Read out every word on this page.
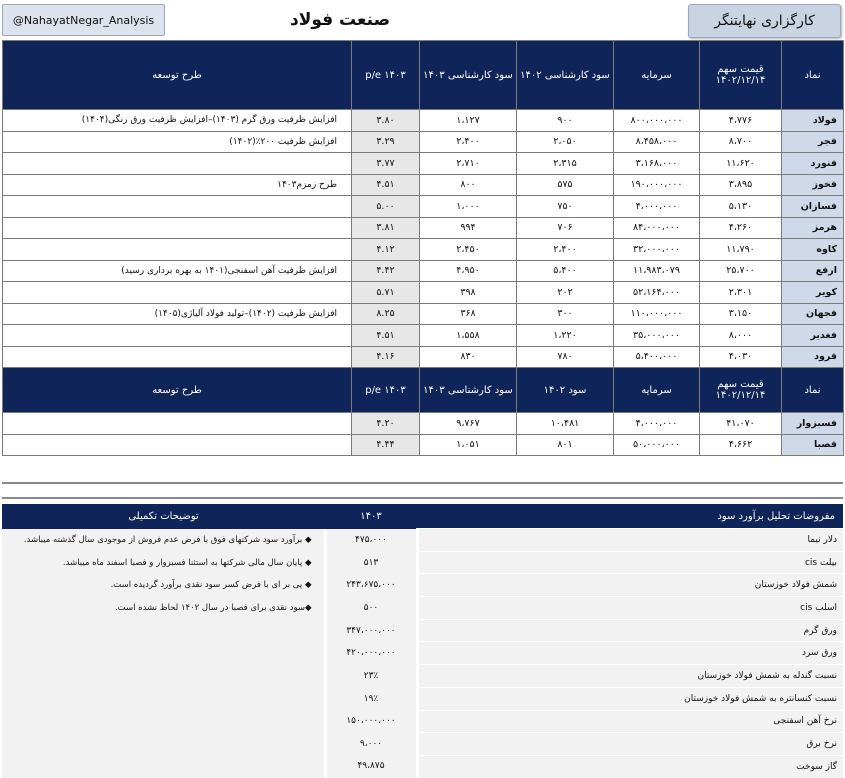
@NahayatNegar_Analysis	صنعت فولاد	کارگزاری نهایتنگر
نماد	قیمت سهم ۱۴۰۲/۱۲/۱۴	سرمایه	سود کارشناسی ۱۴۰۲	سود کارشناسی ۱۴۰۳	p/e ۱۴۰۳	طرح توسعه
فولاد	۴،۷۷۶	۸۰۰،۰۰۰،۰۰۰	۹۰۰	۱،۱۲۷	۳.۸۰	افزایش ظرفیت ورق گرم (۱۴۰۳)–افزایش ظرفیت ورق رنگی(۱۴۰۴)
فجر	۸،۷۰۰	۸،۴۵۸،۰۰۰	۲،۰۵۰	۲،۴۰۰	۳.۲۹	افزایش ظرفیت ۲۰۰٪(۱۴۰۲)
فنورد	۱۱،۶۲۰	۳،۱۶۸،۰۰۰	۲،۳۱۵	۲،۷۱۰	۳.۷۷	
فخوز	۳،۸۹۵	۱۹۰،۰۰۰،۰۰۰	۵۷۵	۸۰۰	۴.۵۱	طرح زمزم۱۴۰۳
فسازان	۵،۱۳۰	۴،۰۰۰،۰۰۰	۷۵۰	۱،۰۰۰	۵.۰۰	
هرمز	۴،۲۶۰	۸۴،۰۰۰،۰۰۰	۷۰۶	۹۹۴	۳.۸۱	
کاوه	۱۱،۷۹۰	۳۲،۰۰۰،۰۰۰	۲،۴۰۰	۲،۴۵۰	۴.۱۲	
ارفع	۲۵،۷۰۰	۱۱،۹۸۳،۰۷۹	۵،۴۰۰	۴،۹۵۰	۴.۴۲	افزایش ظرفیت آهن اسفنجی(۱۴۰۱ به بهره برداری رسید)
کویر	۲،۳۰۱	۵۲،۱۶۴،۰۰۰	۲۰۲	۳۹۸	۵.۷۱	
فجهان	۳،۱۵۰	۱۱۰،۰۰۰،۰۰۰	۳۰۰	۳۶۸	۸.۲۵	افزایش ظرفیت (۱۴۰۲)–تولید فولاد آلیاژی(۱۴۰۵)
فغدیر	۸،۰۰۰	۳۵،۰۰۰،۰۰۰	۱،۲۲۰	۱،۵۵۸	۴.۵۱	
فرود	۴،۰۳۰	۵،۴۰۰،۰۰۰	۷۸۰	۸۳۰	۴.۱۶	
نماد	قیمت سهم ۱۴۰۲/۱۲/۱۴	سرمایه	سود ۱۴۰۲	سود کارشناسی ۱۴۰۳	p/e ۱۴۰۳	طرح توسعه
فسبزوار	۴۱،۰۷۰	۴،۰۰۰،۰۰۰	۱۰،۴۸۱	۹،۷۶۷	۴.۲۰	
فصبا	۴،۶۶۲	۵۰،۰۰۰،۰۰۰	۸۰۱	۱،۰۵۱	۴.۴۴	
مفروضات تحلیل برآورد سود	۱۴۰۳	توضیحات تکمیلی
دلار نیما	۴۷۵،۰۰۰	◆ برآورد سود شرکتهای فوق با فرض عدم فروش از موجودی سال گذشته میباشد.
بیلت cis	۵۱۳	◆ پایان سال مالی شرکتها به استثنا فسبزوار و فصبا اسفند ماه میباشد.
شمش فولاد خوزستان	۲۴۳،۶۷۵،۰۰۰	◆ پی بر ای با فرض کسر سود نقدی برآورد گردیده است.
اسلب cis	۵۰۰	◆سود نقدی برای فصبا در سال ۱۴۰۲ لحاظ نشده است.
ورق گرم	۳۴۷،۰۰۰،۰۰۰	
ورق سرد	۴۲۰،۰۰۰،۰۰۰	
نسبت گندله به شمش فولاد خوزستان	۲۳٪	
نسبت کنسانتره به شمش فولاد خوزستان	۱۹٪	
نرخ آهن اسفنجی	۱۵۰،۰۰۰،۰۰۰	
نرخ برق	۹،۰۰۰	
گاز سوخت	۴۹،۸۷۵	
